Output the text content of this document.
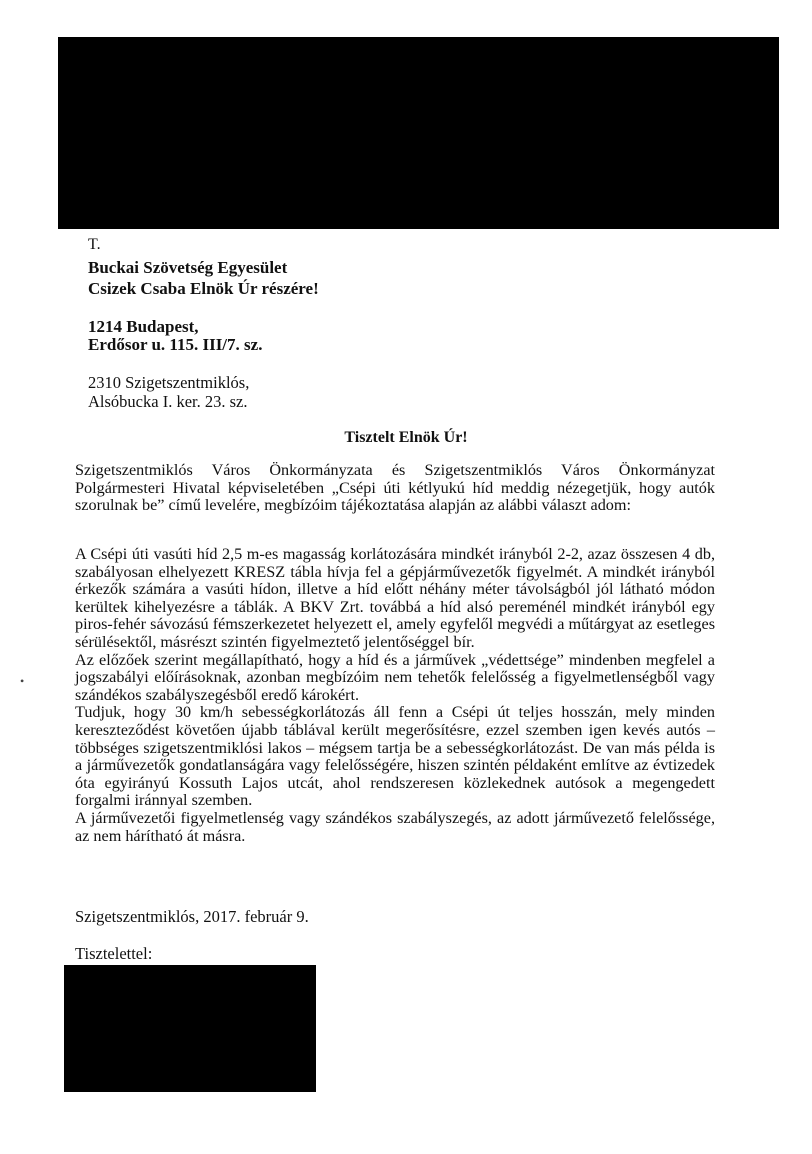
T.
Buckai Szövetség Egyesület
Csizek Csaba Elnök Úr részére!
1214 Budapest,
Erdősor u. 115. III/7. sz.
2310 Szigetszentmiklós,
Alsóbucka I. ker. 23. sz.
Tisztelt Elnök Úr!

Szigetszentmiklós Város Önkormányzata és Szigetszentmiklós Város Önkormányzat Polgármesteri Hivatal képviseletében „Csépi úti kétlyukú híd meddig nézegetjük, hogy autók szorulnak be” című levelére, megbízóim tájékoztatása alapján az alábbi választ adom:

A Csépi úti vasúti híd 2,5 m-es magasság korlátozására mindkét irányból 2-2, azaz összesen 4 db, szabályosan elhelyezett KRESZ tábla hívja fel a gépjárművezetők figyelmét. A mindkét irányból érkezők számára a vasúti hídon, illetve a híd előtt néhány méter távolságból jól látható módon kerültek kihelyezésre a táblák. A BKV Zrt. továbbá a híd alsó pereménél mindkét irányból egy piros-fehér sávozású fémszerkezetet helyezett el, amely egyfelől megvédi a műtárgyat az esetleges sérülésektől, másrészt szintén figyelmeztető jelentőséggel bír.

Az előzőek szerint megállapítható, hogy a híd és a járművek „védettsége” mindenben megfelel a jogszabályi előírásoknak, azonban megbízóim nem tehetők felelősség a figyelmetlenségből vagy szándékos szabályszegésből eredő károkért.

Tudjuk, hogy 30 km/h sebességkorlátozás áll fenn a Csépi út teljes hosszán, mely minden kereszteződést követően újabb táblával került megerősítésre, ezzel szemben igen kevés autós – többséges szigetszentmiklósi lakos – mégsem tartja be a sebességkorlátozást. De van más példa is a járművezetők gondatlanságára vagy felelősségére, hiszen szintén példaként említve az évtizedek óta egyirányú Kossuth Lajos utcát, ahol rendszeresen közlekednek autósok a megengedett forgalmi iránnyal szemben.

A járművezetői figyelmetlenség vagy szándékos szabályszegés, az adott járművezető felelőssége, az nem hárítható át másra.

Szigetszentmiklós, 2017. február 9.
Tisztelettel:
•
